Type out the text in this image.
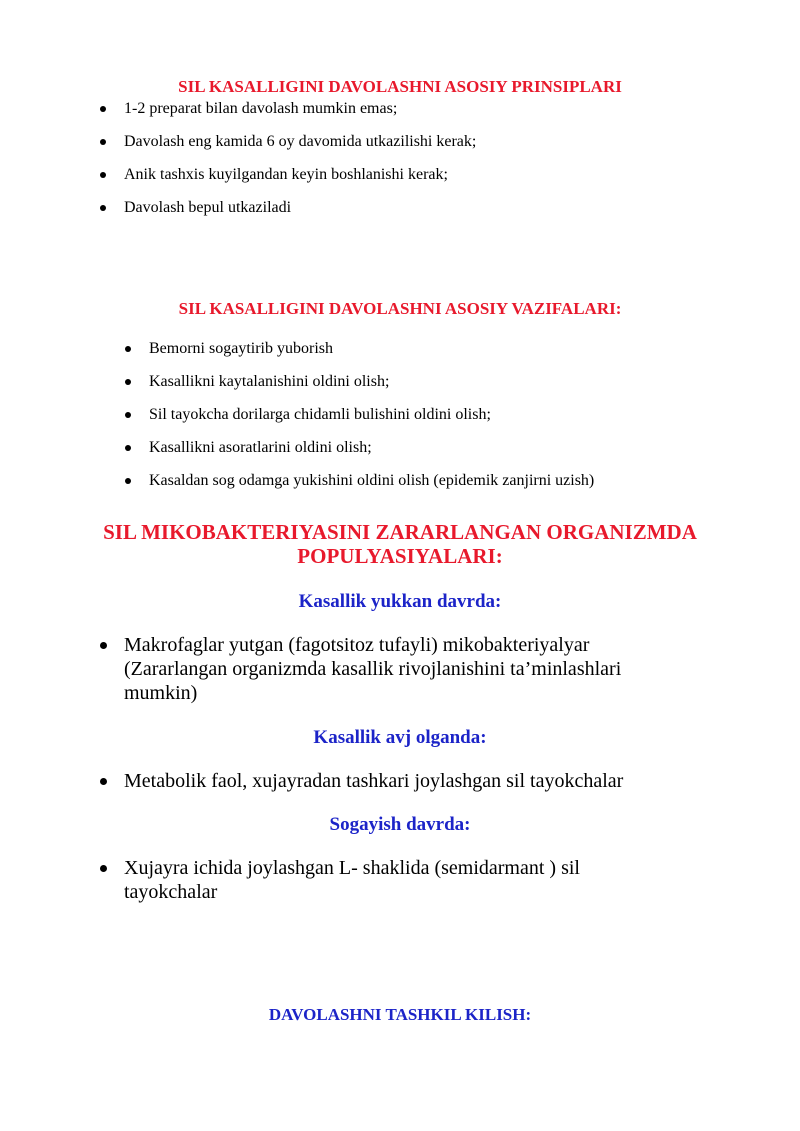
SIL KASALLIGINI DAVOLASHNI ASOSIY PRINSIPLARI
1-2 preparat bilan davolash mumkin emas;
Davolash eng kamida 6 oy davomida utkazilishi kerak;
Anik tashxis kuyilgandan keyin boshlanishi kerak;
Davolash bepul utkaziladi
SIL KASALLIGINI DAVOLASHNI ASOSIY VAZIFALARI:
Bemorni sogaytirib yuborish
Kasallikni kaytalanishini oldini olish;
Sil tayokcha dorilarga chidamli bulishini oldini olish;
Kasallikni asoratlarini oldini olish;
Kasaldan sog odamga yukishini oldini olish (epidemik zanjirni uzish)
SIL MIKOBAKTERIYASINI ZARARLANGAN ORGANIZMDA
POPULYASIYALARI:
Kasallik yukkan davrda:
Makrofaglar yutgan (fagotsitoz tufayli) mikobakteriyalyar (Zararlangan organizmda kasallik rivojlanishini ta’minlashlari mumkin)
Kasallik avj olganda:
Metabolik faol, xujayradan tashkari joylashgan sil tayokchalar
Sogayish davrda:
Xujayra ichida joylashgan L- shaklida (semidarmant ) sil tayokchalar
DAVOLASHNI TASHKIL KILISH:
